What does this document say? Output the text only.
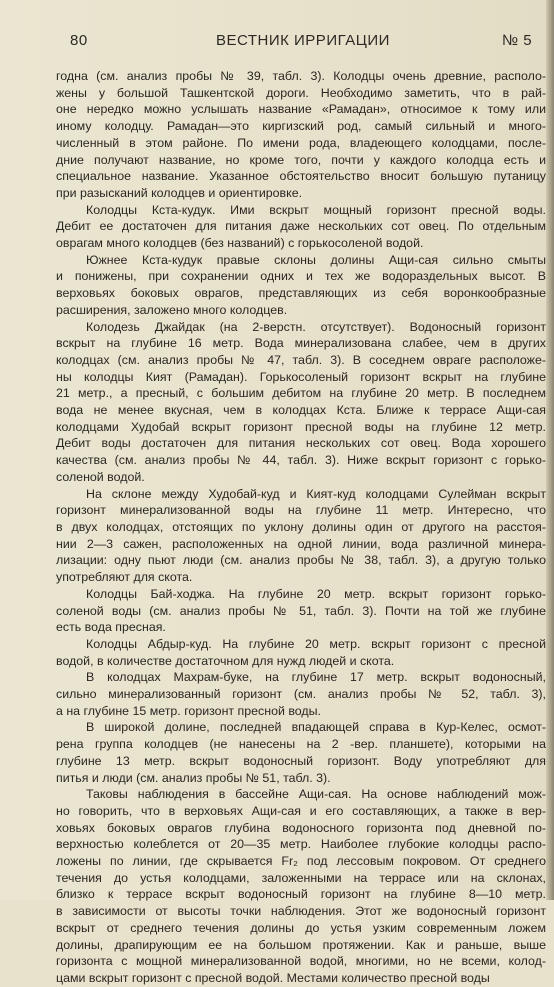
80	ВЕСТНИК ИРРИГАЦИИ	№ 5

годна (см. анализ пробы № 39, табл. 3). Колодцы очень древние, располо-
жены у большой Ташкентской дороги. Необходимо заметить, что в рай-
оне нередко можно услышать название «Рамадан», относимое к тому или
иному колодцу. Рамадан—это киргизский род, самый сильный и много-
численный в этом районе. По имени рода, владеющего колодцами, после-
дние получают название, но кроме того, почти у каждого колодца есть и
специальное название. Указанное обстоятельство вносит большую путаницу
при разысканий колодцев и ориентировке.

Колодцы Кста-кудук. Ими вскрыт мощный горизонт пресной воды.
Дебит ее достаточен для питания даже нескольких сот овец. По отдельным
оврагам много колодцев (без названий) с горькосоленой водой.

Южнее Кста-кудук правые склоны долины Ащи-сая сильно смыты
и понижены, при сохранении одних и тех же водораздельных высот. В
верховьях боковых оврагов, представляющих из себя воронкообразные
расширения, заложено много колодцев.

Колодезь Джайдак (на 2-верстн. отсутствует). Водоносный горизонт
вскрыт на глубине 16 метр. Вода минерализована слабее, чем в других
колодцах (см. анализ пробы № 47, табл. 3). В соседнем овраге расположе-
ны колодцы Кият (Рамадан). Горькосоленый горизонт вскрыт на глубине
21 метр., а пресный, с большим дебитом на глубине 20 метр. В последнем
вода не менее вкусная, чем в колодцах Кста. Ближе к террасе Ащи-сая
колодцами Худобай вскрыт горизонт пресной воды на глубине 12 метр.
Дебит воды достаточен для питания нескольких сот овец. Вода хорошего
качества (см. анализ пробы № 44, табл. 3). Ниже вскрыт горизонт с горько-
соленой водой.

На склоне между Худобай-куд и Кият-куд колодцами Сулейман вскрыт
горизонт минерализованной воды на глубине 11 метр. Интересно, что
в двух колодцах, отстоящих по уклону долины один от другого на расстоя-
нии 2—3 сажен, расположенных на одной линии, вода различной минера-
лизации: одну пьют люди (см. анализ пробы № 38, табл. 3), а другую только
употребляют для скота.

Колодцы Бай-ходжа. На глубине 20 метр. вскрыт горизонт горько-
соленой воды (см. анализ пробы № 51, табл. 3). Почти на той же глубине
есть вода пресная.

Колодцы Абдыр-куд. На глубине 20 метр. вскрыт горизонт с пресной
водой, в количестве достаточном для нужд людей и скота.

В колодцах Махрам-буке, на глубине 17 метр. вскрыт водоносный,
сильно минерализованный горизонт (см. анализ пробы № 52, табл. 3),
а на глубине 15 метр. горизонт пресной воды.

В широкой долине, последней впадающей справа в Кур-Келес, осмот-
рена группа колодцев (не нанесены на 2 -вер. планшете), которыми на
глубине 13 метр. вскрыт водоносный горизонт. Воду употребляют для
питья и люди (см. анализ пробы № 51, табл. 3).

Таковы наблюдения в бассейне Ащи-сая. На основе наблюдений мож-
но говорить, что в верховьях Ащи-сая и его составляющих, а также в вер-
ховьях боковых оврагов глубина водоносного горизонта под дневной по-
верхностью колеблется от 20—35 метр. Наиболее глубокие колодцы распо-
ложены по линии, где скрывается Fr₂ под лессовым покровом. От среднего
течения до устья колодцами, заложенными на террасе или на склонах,
близко к террасе вскрыт водоносный горизонт на глубине 8—10 метр.
в зависимости от высоты точки наблюдения. Этот же водоносный горизонт
вскрыт от среднего течения долины до устья узким современным ложем
долины, драпирующим ее на большом протяжении. Как и раньше, выше
горизонта с мощной минерализованной водой, многими, но не всеми, колод-
цами вскрыт горизонт с пресной водой. Местами количество пресной воды
